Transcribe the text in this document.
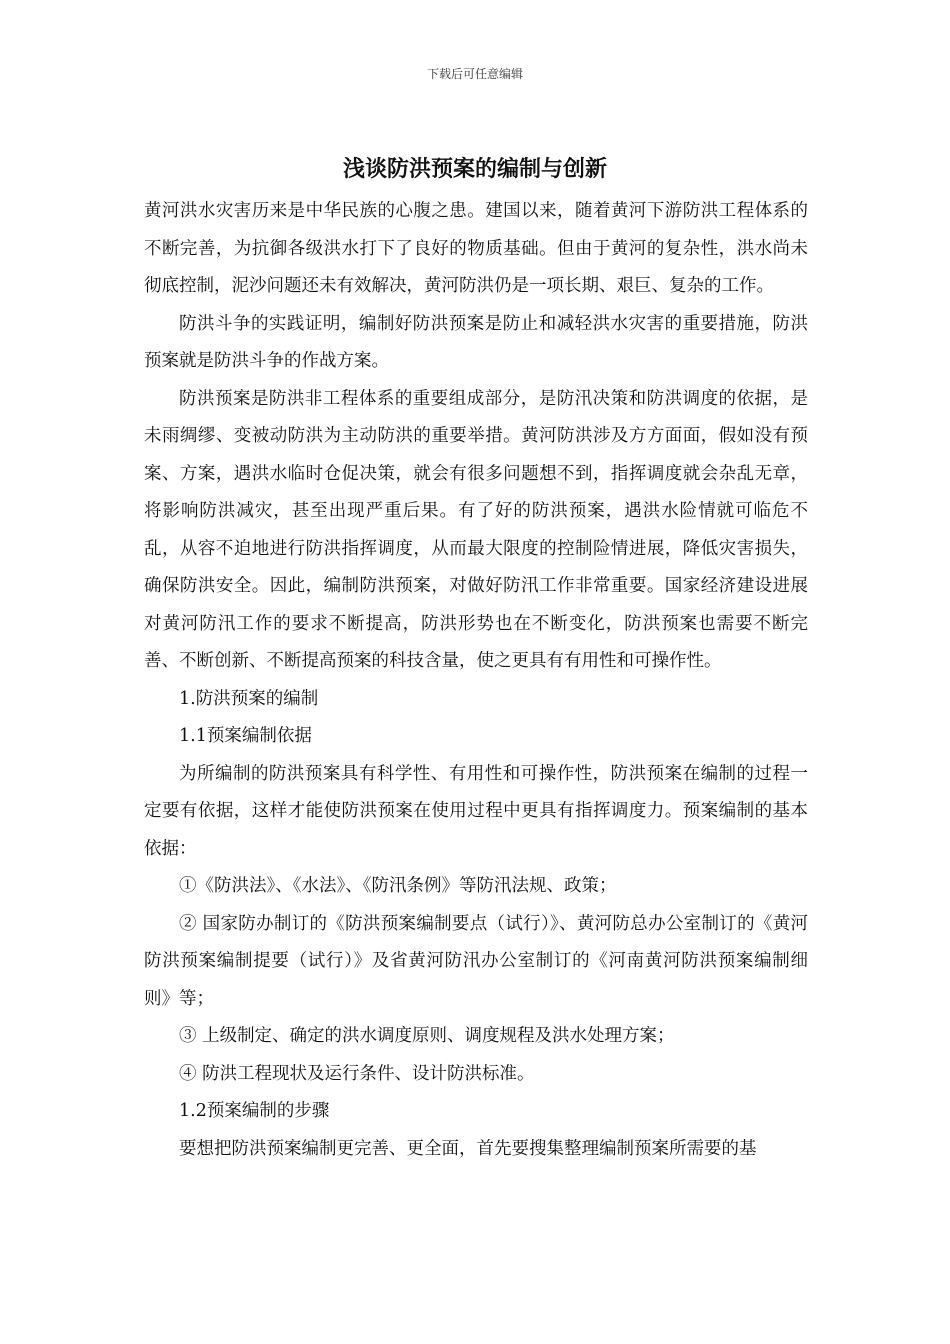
下载后可任意编辑
浅谈防洪预案的编制与创新

黄河洪水灾害历来是中华民族的心腹之患。建国以来，随着黄河下游防洪工程体系的不断完善，为抗御各级洪水打下了良好的物质基础。但由于黄河的复杂性，洪水尚未彻底控制，泥沙问题还未有效解决，黄河防洪仍是一项长期、艰巨、复杂的工作。

防洪斗争的实践证明，编制好防洪预案是防止和减轻洪水灾害的重要措施，防洪预案就是防洪斗争的作战方案。

防洪预案是防洪非工程体系的重要组成部分，是防汛决策和防洪调度的依据，是未雨绸缪、变被动防洪为主动防洪的重要举措。黄河防洪涉及方方面面，假如没有预案、方案，遇洪水临时仓促决策，就会有很多问题想不到，指挥调度就会杂乱无章，将影响防洪减灾，甚至出现严重后果。有了好的防洪预案，遇洪水险情就可临危不乱，从容不迫地进行防洪指挥调度，从而最大限度的控制险情进展，降低灾害损失，确保防洪安全。因此，编制防洪预案，对做好防汛工作非常重要。国家经济建设进展对黄河防汛工作的要求不断提高，防洪形势也在不断变化，防洪预案也需要不断完善、不断创新、不断提高预案的科技含量，使之更具有有用性和可操作性。

1.防洪预案的编制

1.1预案编制依据

为所编制的防洪预案具有科学性、有用性和可操作性，防洪预案在编制的过程一定要有依据，这样才能使防洪预案在使用过程中更具有指挥调度力。预案编制的基本依据：

①《防洪法》、《水法》、《防汛条例》等防汛法规、政策；

② 国家防办制订的《防洪预案编制要点（试行）》、黄河防总办公室制订的《黄河防洪预案编制提要（试行）》及省黄河防汛办公室制订的《河南黄河防洪预案编制细则》等；

③ 上级制定、确定的洪水调度原则、调度规程及洪水处理方案；

④ 防洪工程现状及运行条件、设计防洪标准。

1.2预案编制的步骤

要想把防洪预案编制更完善、更全面，首先要搜集整理编制预案所需要的基
